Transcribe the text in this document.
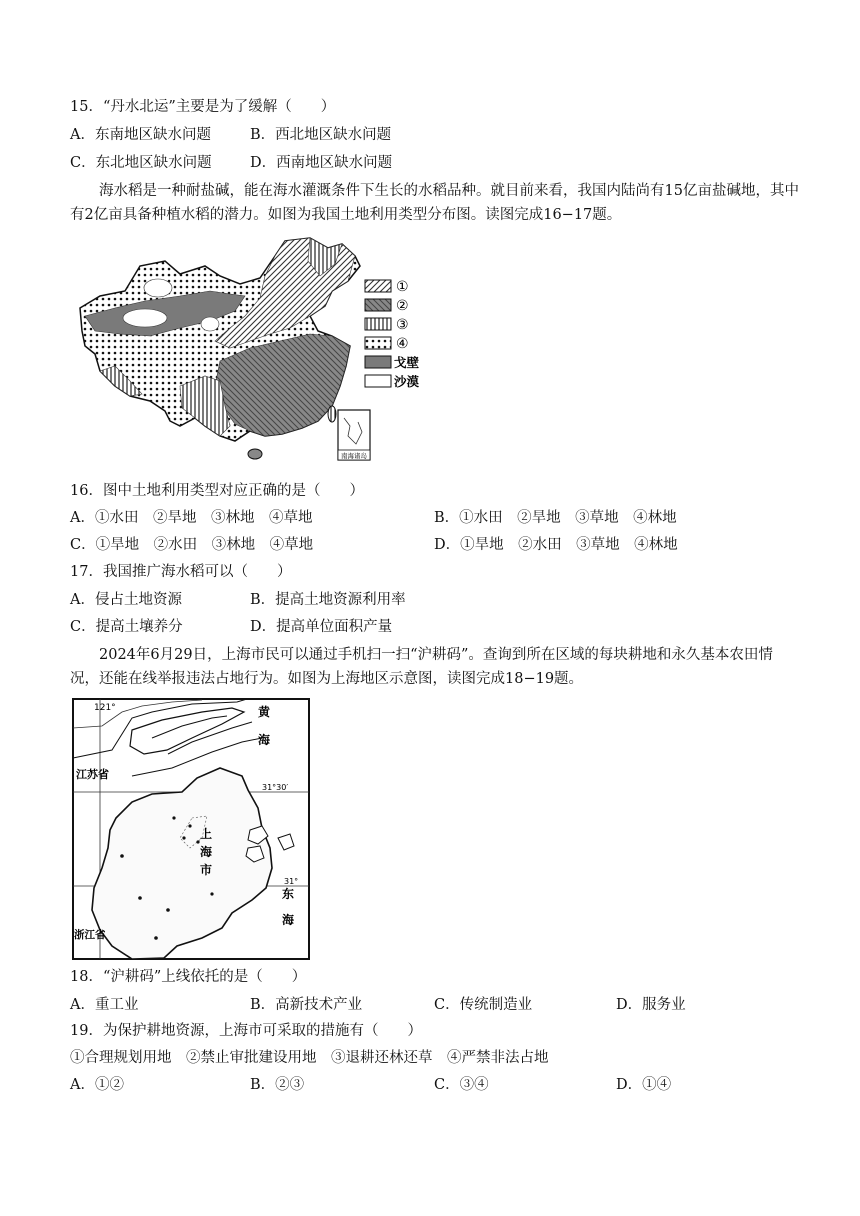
15．“丹水北运”主要是为了缓解（　　）
A．东南地区缺水问题	B．西北地区缺水问题
C．东北地区缺水问题	D．西南地区缺水问题
海水稻是一种耐盐碱，能在海水灌溉条件下生长的水稻品种。就目前来看，我国内陆尚有15亿亩盐碱地，其中有2亿亩具备种植水稻的潜力。如图为我国土地利用类型分布图。读图完成16−17题。
南海诸岛
①
②
③
④
戈壁
沙漠
16．图中土地利用类型对应正确的是（　　）
A．①水田　②旱地　③林地　④草地	B．①水田　②旱地　③草地　④林地
C．①旱地　②水田　③林地　④草地	D．①旱地　②水田　③草地　④林地
17．我国推广海水稻可以（　　）
A．侵占土地资源	B．提高土地资源利用率
C．提高土壤养分	D．提高单位面积产量
2024年6月29日，上海市民可以通过手机扫一扫“沪耕码”。查询到所在区域的每块耕地和永久基本农田情况，还能在线举报违法占地行为。如图为上海地区示意图，读图完成18−19题。
121°
江苏省
上
海
市
浙江省
黄
海
东
海
31°30′
31°
18．“沪耕码”上线依托的是（　　）
A．重工业	B．高新技术产业	C．传统制造业	D．服务业
19．为保护耕地资源，上海市可采取的措施有（　　）
①合理规划用地　②禁止审批建设用地　③退耕还林还草　④严禁非法占地
A．①②	B．②③	C．③④	D．①④
